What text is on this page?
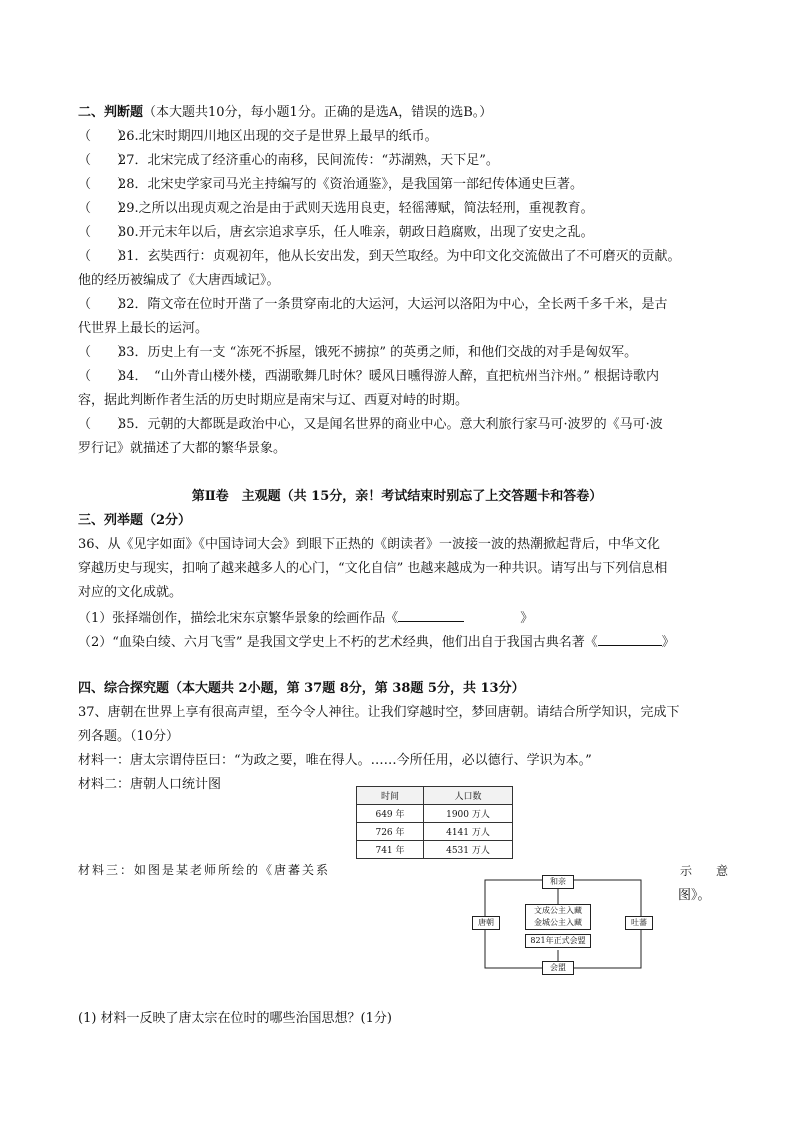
二、判断题（本大题共10分，每小题1分。正确的是选A，错误的选B。）
（　　）26.北宋时期四川地区出现的交子是世界上最早的纸币。
（　　）27．北宋完成了经济重心的南移，民间流传：“苏湖熟，天下足”。
（　　）28．北宋史学家司马光主持编写的《资治通鉴》，是我国第一部纪传体通史巨著。
（　　）29.之所以出现贞观之治是由于武则天选用良吏，轻徭薄赋，简法轻刑，重视教育。
（　　）30.开元末年以后，唐玄宗追求享乐，任人唯亲，朝政日趋腐败，出现了安史之乱。
（　　）31．玄奘西行：贞观初年，他从长安出发，到天竺取经。为中印文化交流做出了不可磨灭的贡献。
他的经历被编成了《大唐西域记》。
（　　）32．隋文帝在位时开凿了一条贯穿南北的大运河，大运河以洛阳为中心，全长两千多千米，是古
代世界上最长的运河。
（　　）33．历史上有一支 “冻死不拆屋，饿死不掳掠” 的英勇之师，和他们交战的对手是匈奴军。
（　　）34．　“山外青山楼外楼，西湖歌舞几时休？暖风日曛得游人醉，直把杭州当汴州。” 根据诗歌内
容，据此判断作者生活的历史时期应是南宋与辽、西夏对峙的时期。
（　　）35．元朝的大都既是政治中心，又是闻名世界的商业中心。意大利旅行家马可·波罗的《马可·波
罗行记》就描述了大都的繁华景象。
第Ⅱ卷　主观题（共 15分，亲！考试结束时别忘了上交答题卡和答卷）
三、列举题（2分）
36、从《见字如面》《中国诗词大会》到眼下正热的《朗读者》一波接一波的热潮掀起背后，中华文化
穿越历史与现实，扣响了越来越多人的心门，“文化自信” 也越来越成为一种共识。请写出与下列信息相
对应的文化成就。
（1）张择端创作，描绘北宋东京繁华景象的绘画作品《	》
（2）“血染白绫、六月飞雪” 是我国文学史上不朽的艺术经典，他们出自于我国古典名著《	》
四、综合探究题（本大题共 2小题，第 37题 8分，第 38题 5分，共 13分）
37、唐朝在世界上享有很高声望，至今令人神往。让我们穿越时空，梦回唐朝。请结合所学知识，完成下
列各题。（10分）
材料一：唐太宗谓侍臣曰：“为政之要，唯在得人。……今所任用，必以德行、学识为本。”
材料二：唐朝人口统计图
时间	人口数
649 年	1900 万人
726 年	4141 万人
741 年	4531 万人
材料三：如图是某老师所绘的《唐蕃关系	示　意
图》。
和亲
唐朝	吐蕃
文成公主入藏
金城公主入藏
821年正式会盟
会盟
(1) 材料一反映了唐太宗在位时的哪些治国思想？(1分)
